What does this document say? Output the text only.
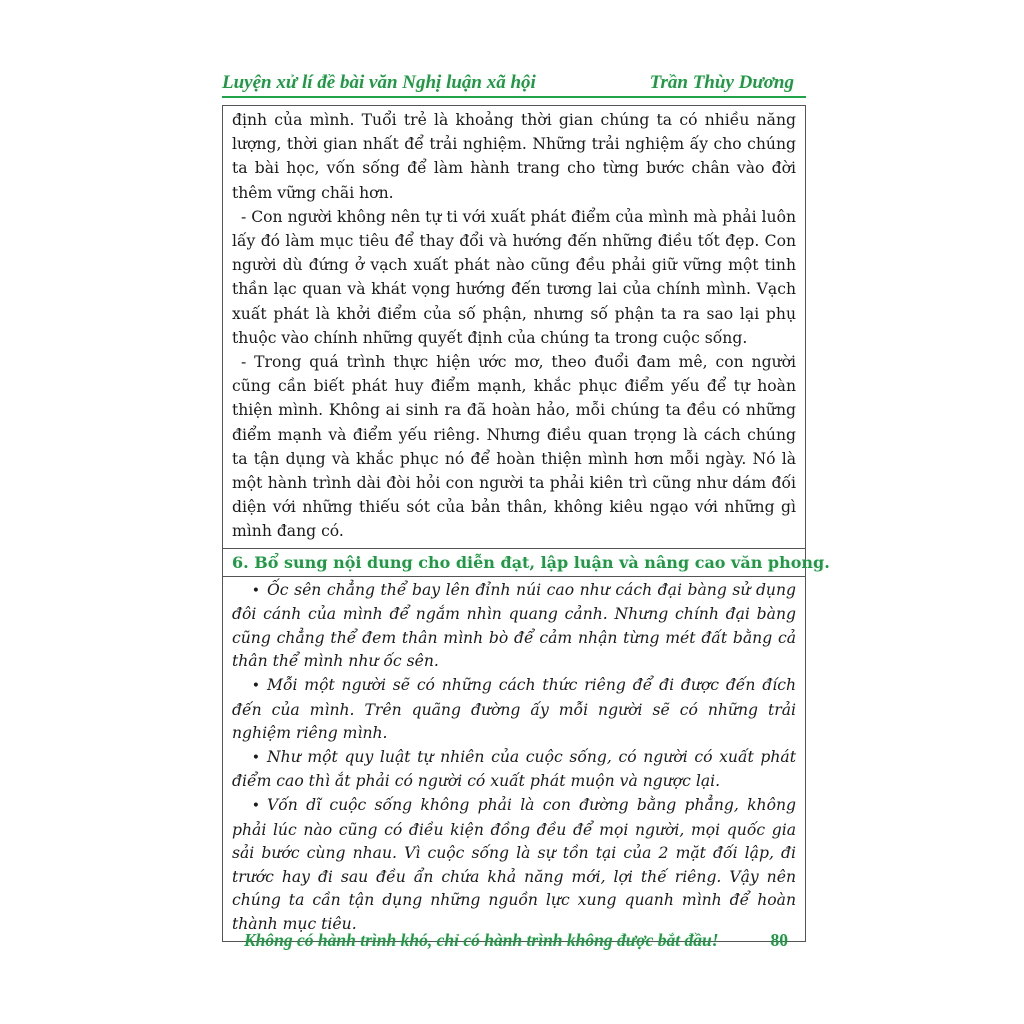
Luyện xử lí đề bài văn Nghị luận xã hội	Trần Thùy Dương

định của mình. Tuổi trẻ là khoảng thời gian chúng ta có nhiều năng lượng, thời gian nhất để trải nghiệm. Những trải nghiệm ấy cho chúng ta bài học, vốn sống để làm hành trang cho từng bước chân vào đời thêm vững chãi hơn.

- Con người không nên tự ti với xuất phát điểm của mình mà phải luôn lấy đó làm mục tiêu để thay đổi và hướng đến những điều tốt đẹp. Con người dù đứng ở vạch xuất phát nào cũng đều phải giữ vững một tinh thần lạc quan và khát vọng hướng đến tương lai của chính mình. Vạch xuất phát là khởi điểm của số phận, nhưng số phận ta ra sao lại phụ thuộc vào chính những quyết định của chúng ta trong cuộc sống.

- Trong quá trình thực hiện ước mơ, theo đuổi đam mê, con người cũng cần biết phát huy điểm mạnh, khắc phục điểm yếu để tự hoàn thiện mình. Không ai sinh ra đã hoàn hảo, mỗi chúng ta đều có những điểm mạnh và điểm yếu riêng. Nhưng điều quan trọng là cách chúng ta tận dụng và khắc phục nó để hoàn thiện mình hơn mỗi ngày. Nó là một hành trình dài đòi hỏi con người ta phải kiên trì cũng như dám đối diện với những thiếu sót của bản thân, không kiêu ngạo với những gì mình đang có.

6. Bổ sung nội dung cho diễn đạt, lập luận và nâng cao văn phong.

• Ốc sên chẳng thể bay lên đỉnh núi cao như cách đại bàng sử dụng đôi cánh của mình để ngắm nhìn quang cảnh. Nhưng chính đại bàng cũng chẳng thể đem thân mình bò để cảm nhận từng mét đất bằng cả thân thể mình như ốc sên.

• Mỗi một người sẽ có những cách thức riêng để đi được đến đích đến của mình. Trên quãng đường ấy mỗi người sẽ có những trải nghiệm riêng mình.

• Như một quy luật tự nhiên của cuộc sống, có người có xuất phát điểm cao thì ắt phải có người có xuất phát muộn và ngược lại.

• Vốn dĩ cuộc sống không phải là con đường bằng phẳng, không phải lúc nào cũng có điều kiện đồng đều để mọi người, mọi quốc gia sải bước cùng nhau. Vì cuộc sống là sự tồn tại của 2 mặt đối lập, đi trước hay đi sau đều ẩn chứa khả năng mới, lợi thế riêng. Vậy nên chúng ta cần tận dụng những nguồn lực xung quanh mình để hoàn thành mục tiêu.

Không có hành trình khó, chỉ có hành trình không được bắt đầu!	80
